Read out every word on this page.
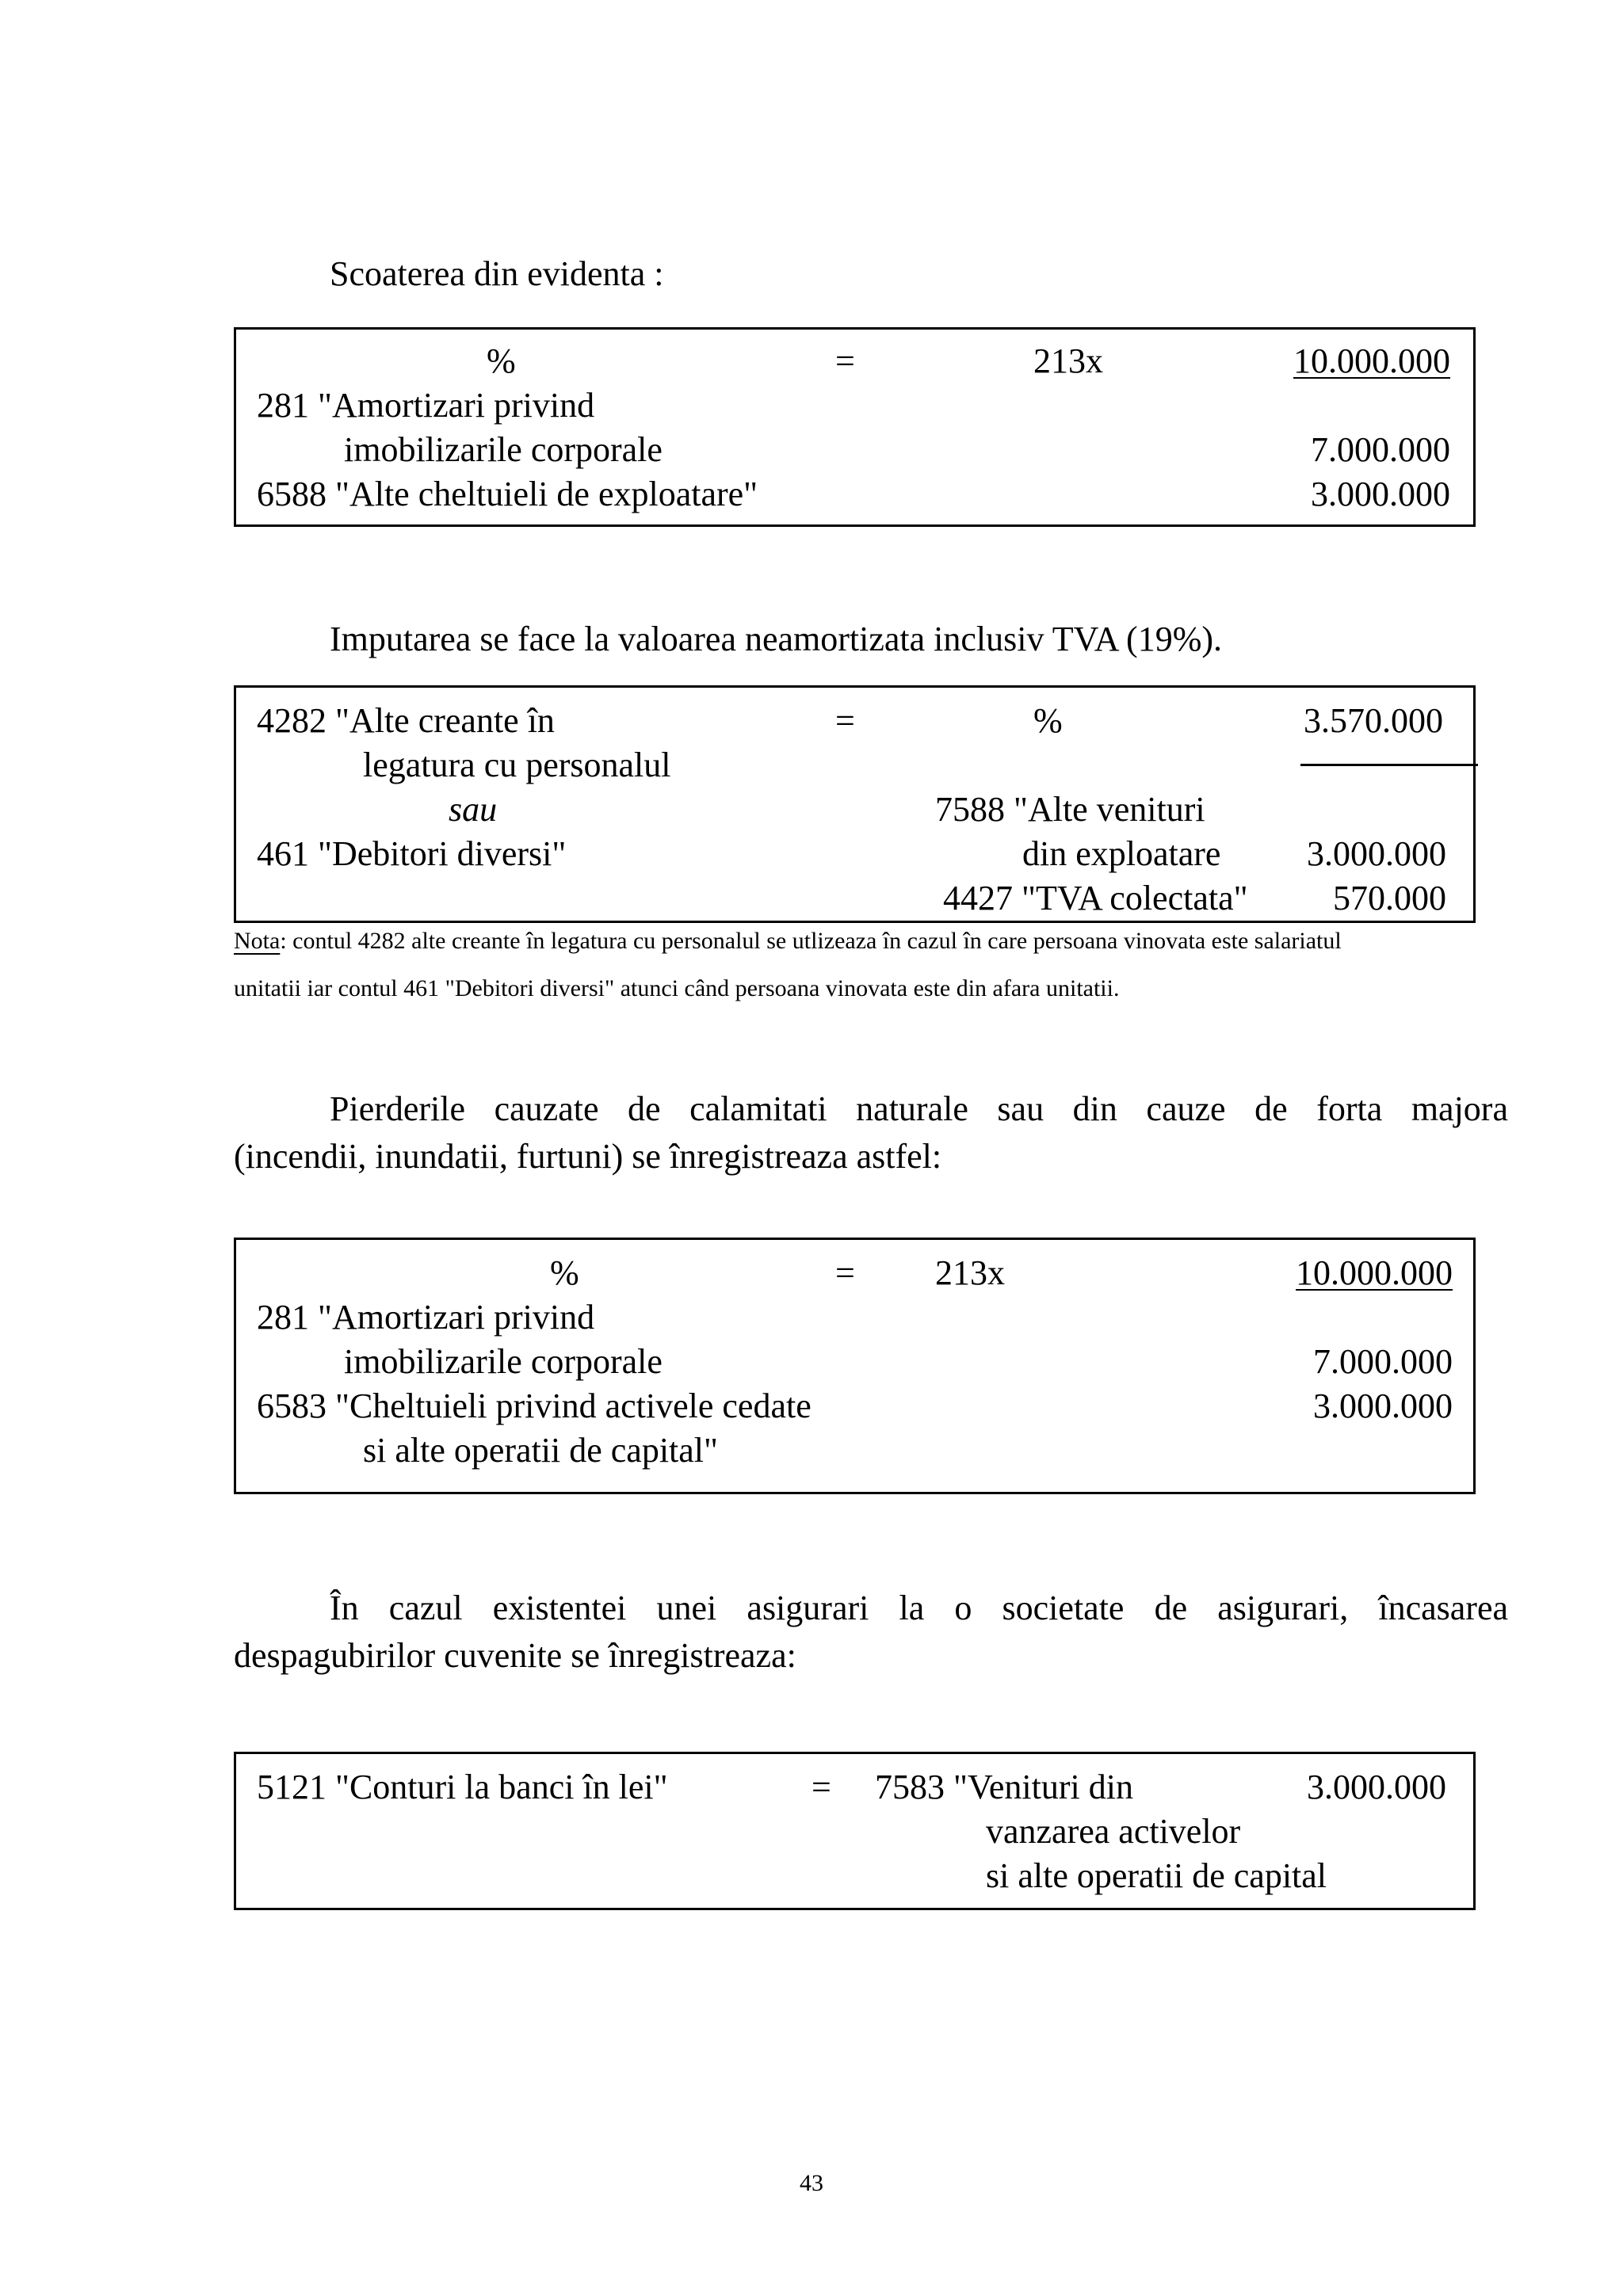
Scoaterea din evidenta :
%	=	213x	10.000.000
281 "Amortizari privind
imobilizarile corporale	7.000.000
6588 "Alte cheltuieli de exploatare"	3.000.000
Imputarea se face la valoarea neamortizata inclusiv TVA (19%).
4282 "Alte creante în	=	%	3.570.000
legatura cu personalul
sau	7588 "Alte venituri
461 "Debitori diversi"	din exploatare 3.000.000
4427 "TVA colectata" 570.000
Nota: contul 4282 alte creante în legatura cu personalul se utlizeaza în cazul în care persoana vinovata este salariatul
unitatii iar contul 461 "Debitori diversi" atunci când persoana vinovata este din afara unitatii.
Pierderile cauzate de calamitati naturale sau din cauze de forta majora
(incendii, inundatii, furtuni) se înregistreaza astfel:
%	= 213x	10.000.000
281 "Amortizari privind
imobilizarile corporale	7.000.000
6583 "Cheltuieli privind activele cedate	3.000.000
si alte operatii de capital"
În cazul existentei unei asigurari la o societate de asigurari, încasarea
despagubirilor cuvenite se înregistreaza:
5121 "Conturi la banci în lei"	= 7583 "Venituri din	3.000.000
vanzarea activelor
si alte operatii de capital
43
